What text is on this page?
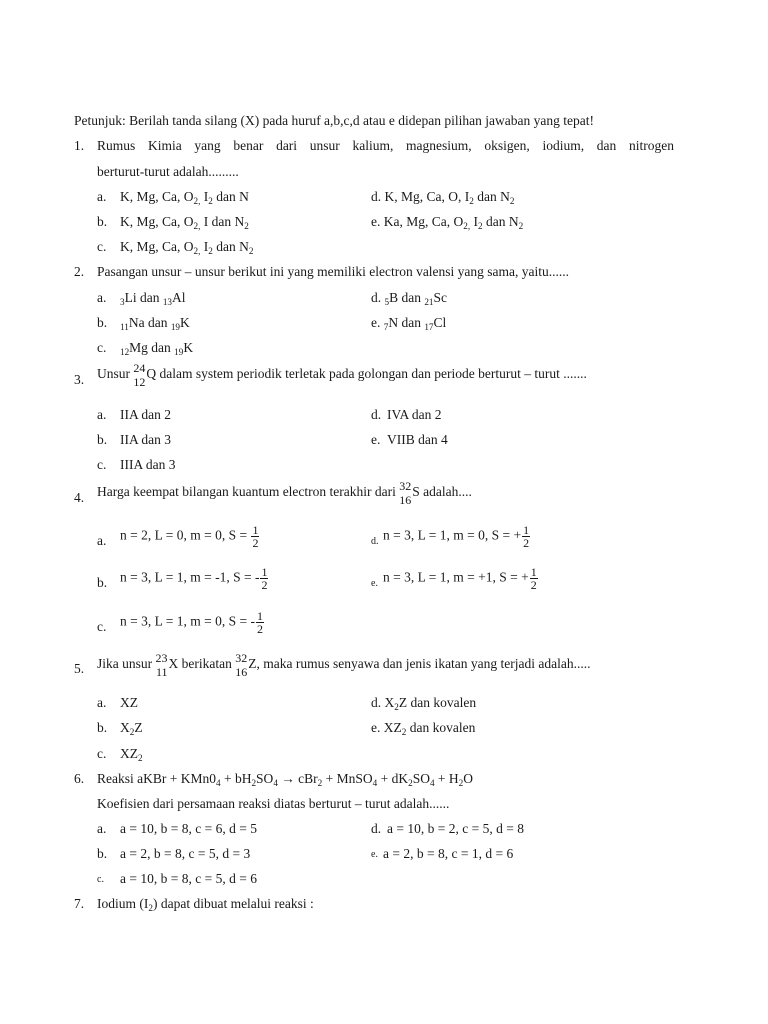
Petunjuk: Berilah tanda silang (X) pada huruf a,b,c,d atau e didepan pilihan jawaban yang tepat!
1. Rumus Kimia yang benar dari unsur kalium, magnesium, oksigen, iodium, dan nitrogen
berturut-turut adalah.........
a. K, Mg, Ca, $O_{2,}$ $I_2$ dan N
b. K, Mg, Ca, $O_{2,}$ I dan $N_2$
c. K, Mg, Ca, $O_{2,}$ $I_2$ dan $N_2$
d. K, Mg, Ca, O, $I_2$ dan $N_2$
e. Ka, Mg, Ca, $O_{2,}$ $I_2$ dan $N_2$
2. Pasangan unsur – unsur berikut ini yang memiliki electron valensi yang sama, yaitu......
a. $_3$Li dan $_{13}$Al
b. $_{11}$Na dan $_{19}$K
c. $_{12}$Mg dan $_{19}$K
d. $_5$B dan $_{21}$Sc
e. $_7$N dan $_{17}$Cl
3. Unsur 24
12
Q dalam system periodik terletak pada golongan dan periode berturut – turut .......
a. IIA dan 2
b. IIA dan 3
c. IIIA dan 3
d. IVA dan 2
e. VIIB dan 4
4. Harga keempat bilangan kuantum electron terakhir dari 32
16
S adalah....
a. n = 2, L = 0, m = 0, $S = \frac{1}{2}$
b. n = 3, L = 1, m = -1, S = - $\frac{1}{2}$
c. n = 3, L = 1, m = 0, S = - $\frac{1}{2}$
d. n = 3, L = 1, m = 0, S = + $\frac{1}{2}$
e. n = 3, L = 1, m = +1, S = + $\frac{1}{2}$
5. Jika unsur 23
11
X berikatan 32
16
Z, maka rumus senyawa dan jenis ikatan yang terjadi adalah.....
a. XZ
b. $X_2Z$
c. $XZ_2$
d. $X_2Z$ dan kovalen
e. $XZ_2$ dan kovalen
6. Reaksi aKBr + $KMn0_4 + bH_2SO_4 \to cBr_2$ + MnSO$_4$ + $dK_2SO_4 + H_2O$
Koefisien dari persamaan reaksi diatas berturut – turut adalah......
a. a = 10, b = 8, c = 6, d = 5
b. a = 2, b = 8, c = 5, d = 3
c. a = 10, b = 8, c = 5, d = 6
d. a = 10, b = 2, c = 5, d = 8
e. a = 2, b = 8, c = 1, d = 6
7. Iodium $(I_2)$ dapat dibuat melalui reaksi :
